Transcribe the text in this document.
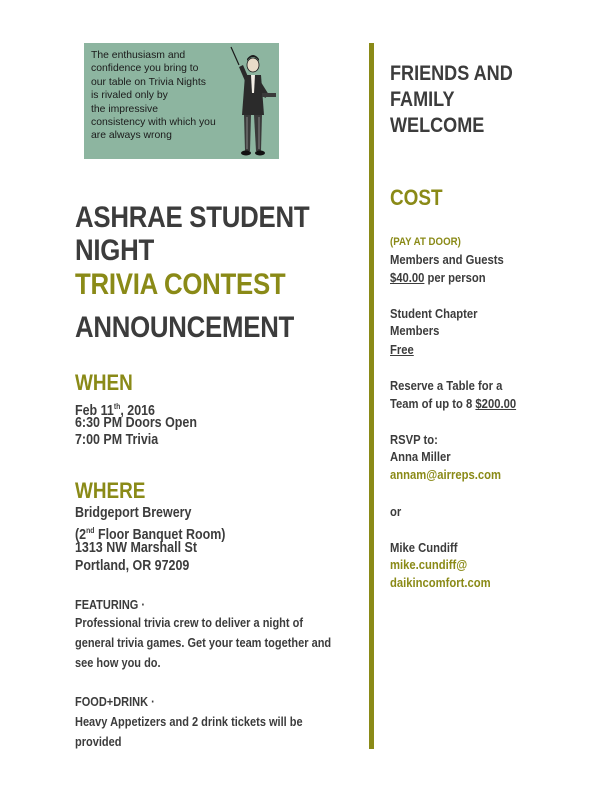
The enthusiasm and
confidence you bring to
our table on Trivia Nights
is rivaled only by
the impressive
consistency with which you
are always wrong
ASHRAE STUDENT
NIGHT
TRIVIA CONTEST
ANNOUNCEMENT
WHEN
Feb 11th, 2016
6:30 PM Doors Open
7:00 PM Trivia
WHERE
Bridgeport Brewery
(2nd Floor Banquet Room)
1313 NW Marshall St
Portland, OR 97209
FEATURING ·
Professional trivia crew to deliver a night of
general trivia games. Get your team together and
see how you do.
FOOD+DRINK ·
Heavy Appetizers and 2 drink tickets will be
provided
FRIENDS AND
FAMILY
WELCOME
COST
(PAY AT DOOR)
Members and Guests
$40.00 per person
Student Chapter
Members
Free
Reserve a Table for a
Team of up to 8 $200.00
RSVP to:
Anna Miller
annam@airreps.com
or
Mike Cundiff
mike.cundiff@
daikincomfort.com
